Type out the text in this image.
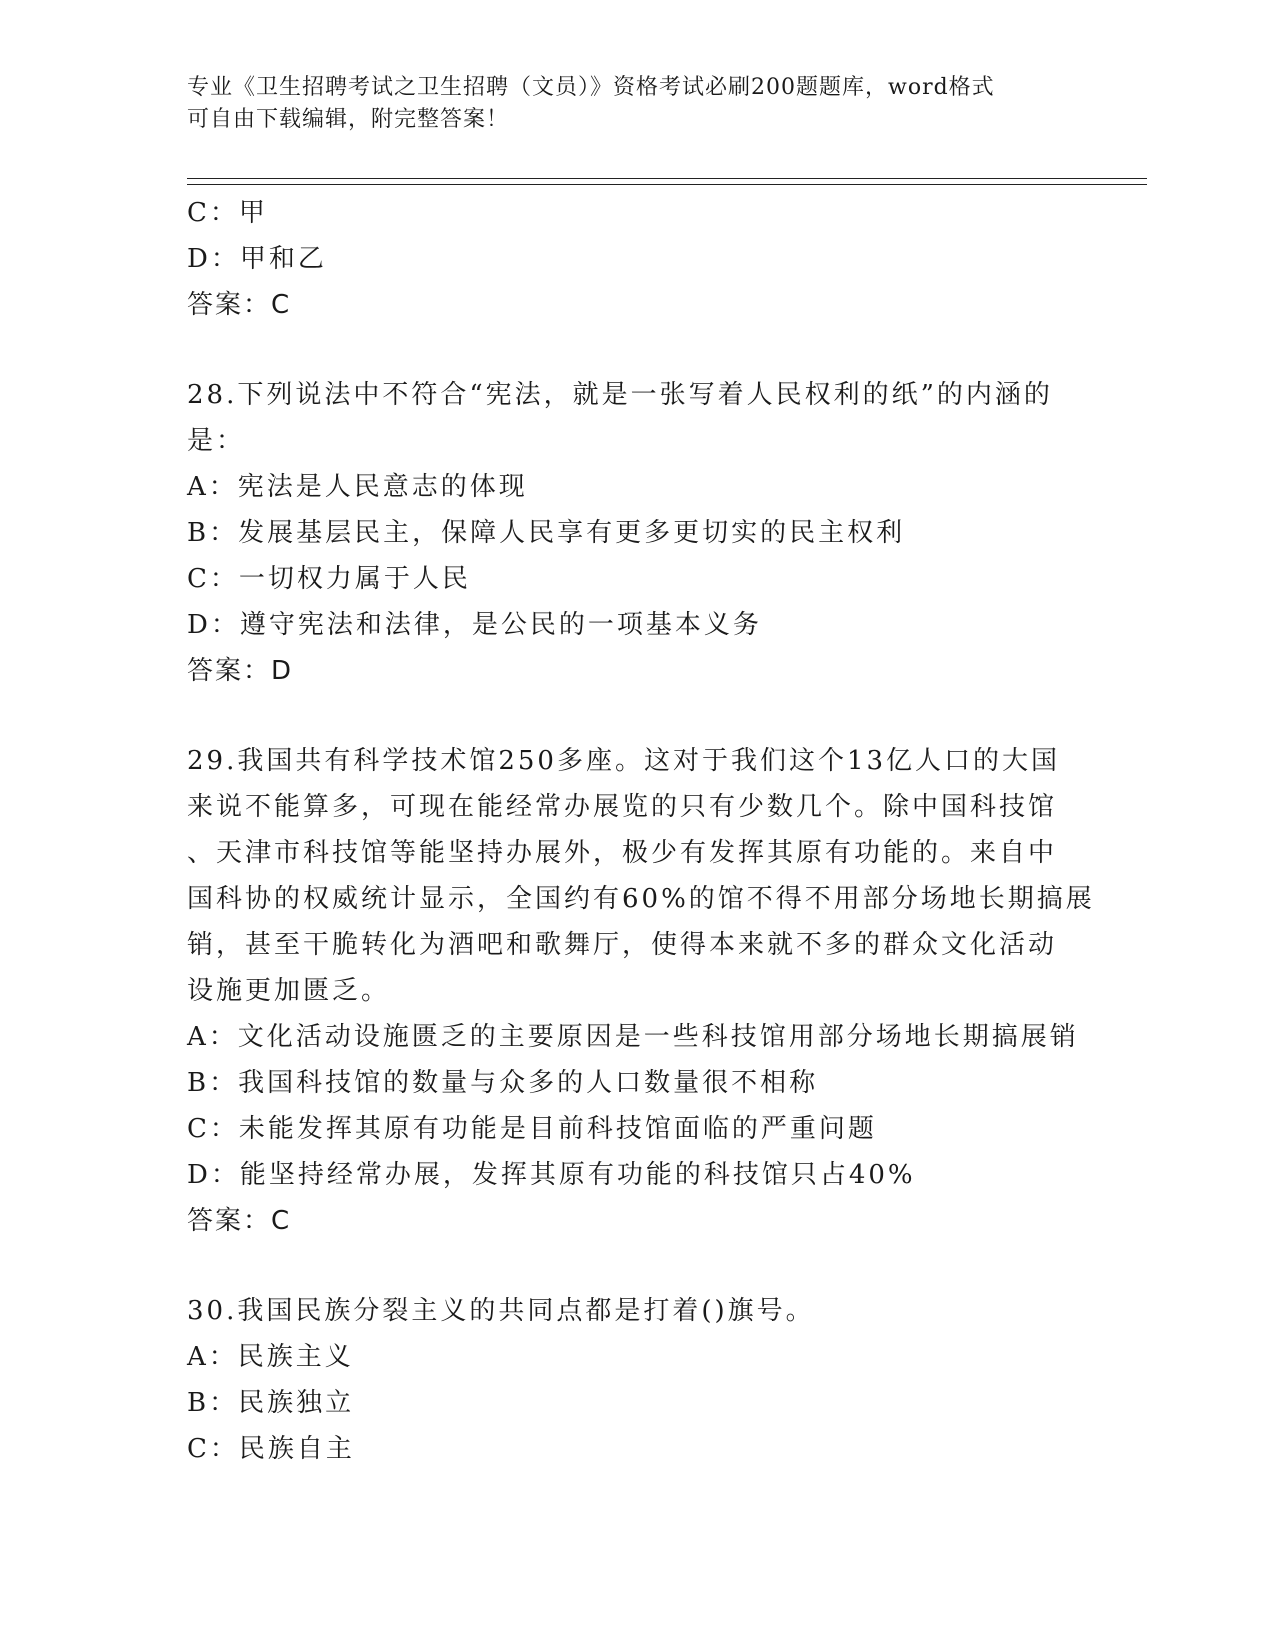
专业《卫生招聘考试之卫生招聘（文员）》资格考试必刷200题题库，word格式
可自由下载编辑，附完整答案！
C：甲
D：甲和乙
答案：C
28.下列说法中不符合“宪法，就是一张写着人民权利的纸”的内涵的
是：
A：宪法是人民意志的体现
B：发展基层民主，保障人民享有更多更切实的民主权利
C：一切权力属于人民
D：遵守宪法和法律，是公民的一项基本义务
答案：D
29.我国共有科学技术馆250多座。这对于我们这个13亿人口的大国
来说不能算多，可现在能经常办展览的只有少数几个。除中国科技馆
、天津市科技馆等能坚持办展外，极少有发挥其原有功能的。来自中
国科协的权威统计显示，全国约有60%的馆不得不用部分场地长期搞展
销，甚至干脆转化为酒吧和歌舞厅，使得本来就不多的群众文化活动
设施更加匮乏。
A：文化活动设施匮乏的主要原因是一些科技馆用部分场地长期搞展销
B：我国科技馆的数量与众多的人口数量很不相称
C：未能发挥其原有功能是目前科技馆面临的严重问题
D：能坚持经常办展，发挥其原有功能的科技馆只占40%
答案：C
30.我国民族分裂主义的共同点都是打着()旗号。
A：民族主义
B：民族独立
C：民族自主
